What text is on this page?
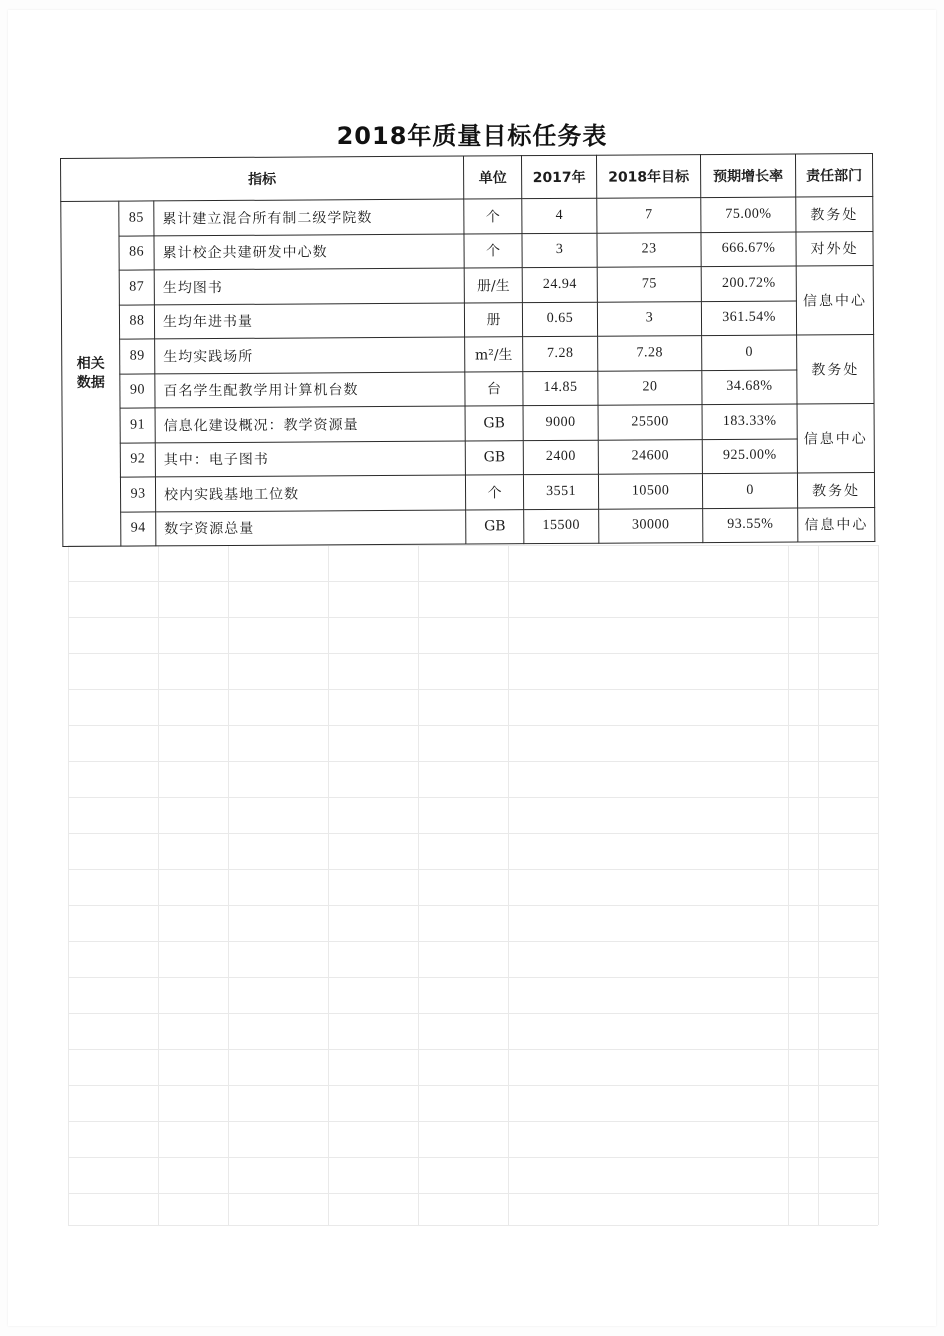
2018年质量目标任务表
指标			单位	2017年	2018年目标	预期增长率	责任部门

相关
数据	85	累计建立混合所有制二级学院数	个	4	7	75.00%	教务处
	86	累计校企共建研发中心数	个	3	23	666.67%	对外处
	87	生均图书	册/生	24.94	75	200.72%	信息中心
	88	生均年进书量	册	0.65	3	361.54%	
	89	生均实践场所	m²/生	7.28	7.28	0	教务处
	90	百名学生配教学用计算机台数	台	14.85	20	34.68%	
	91	信息化建设概况：教学资源量	GB	9000	25500	183.33%	信息中心
	92	其中：电子图书	GB	2400	24600	925.00%	
	93	校内实践基地工位数	个	3551	10500	0	教务处
	94	数字资源总量	GB	15500	30000	93.55%	信息中心
